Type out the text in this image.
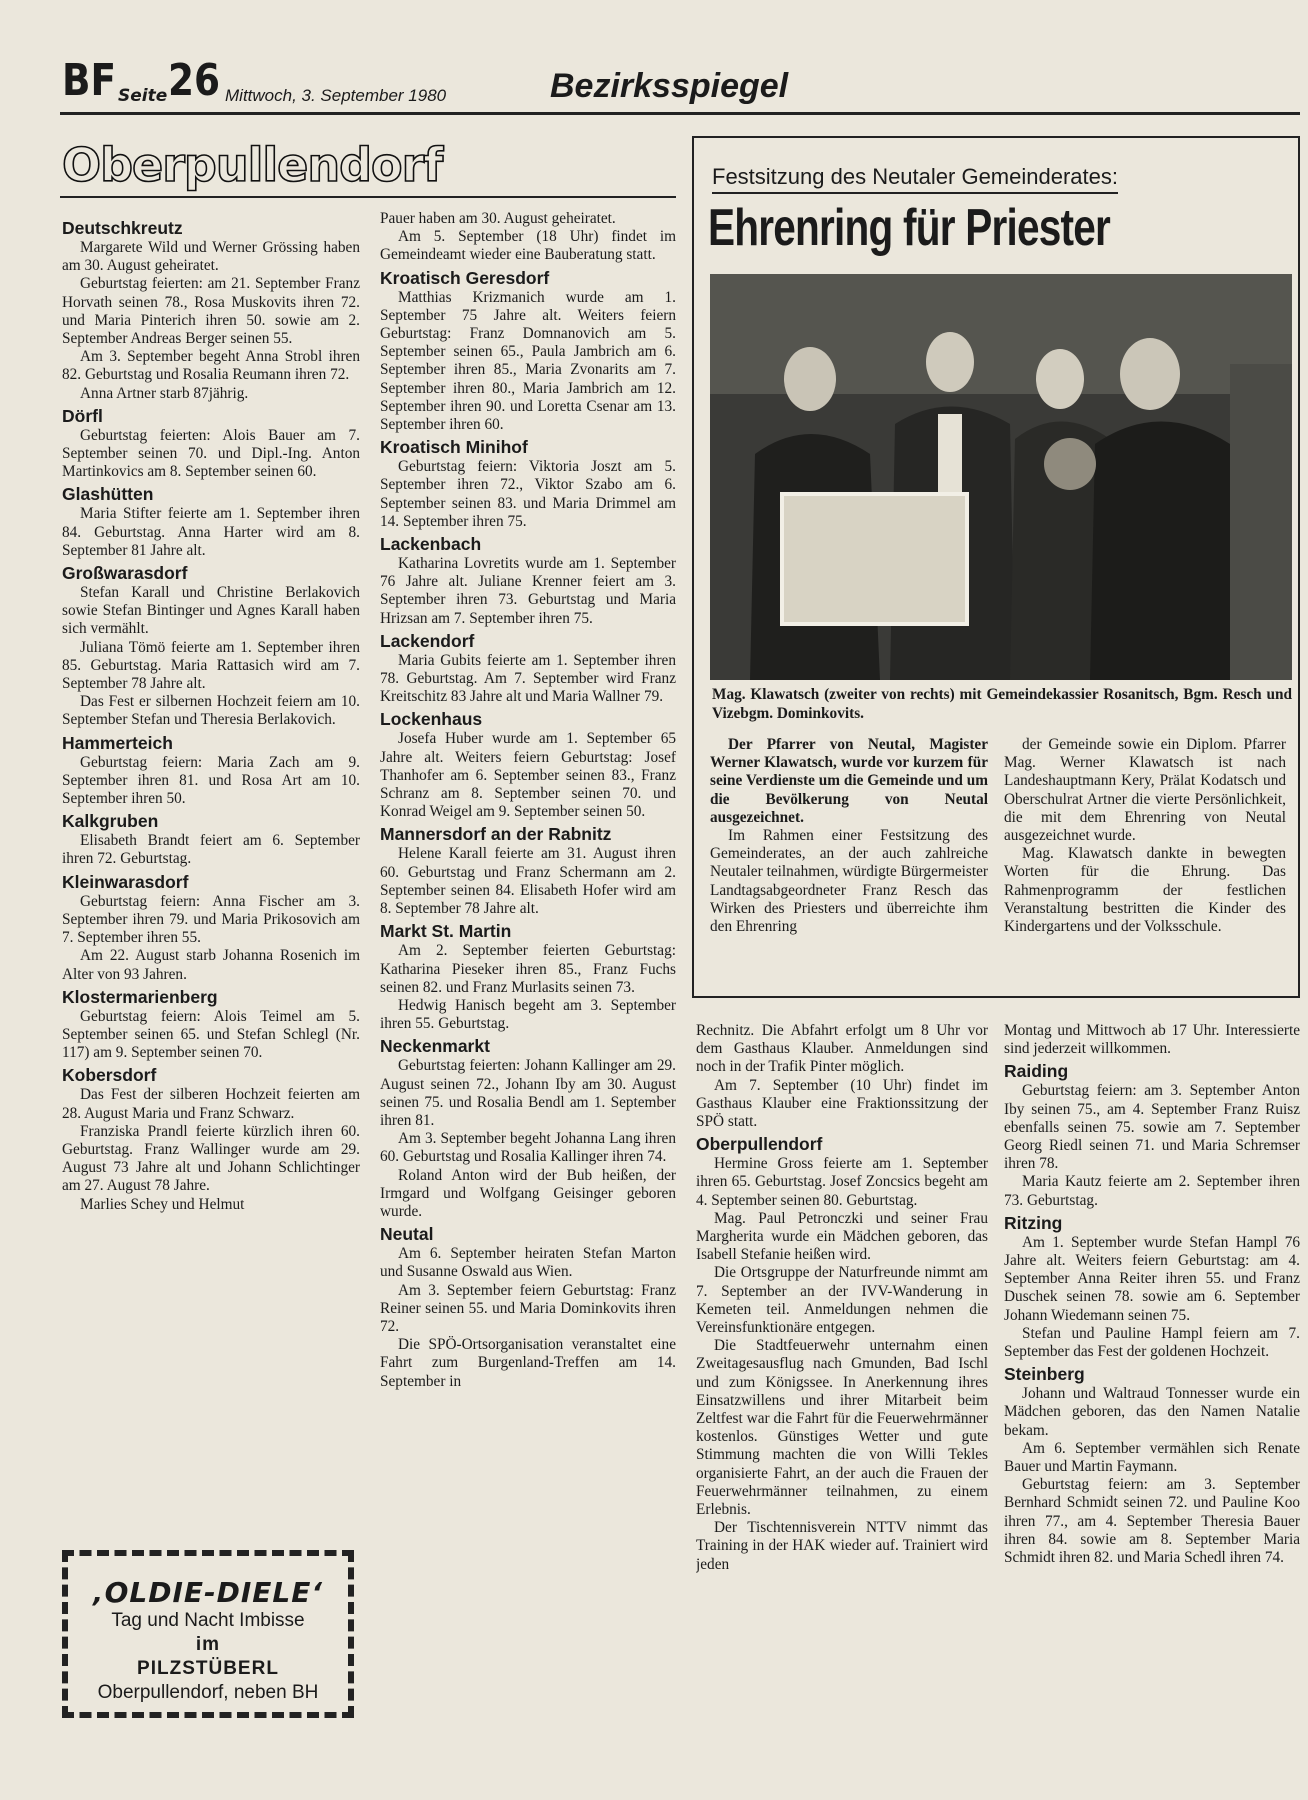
BF Seite 26 Mittwoch, 3. September 1980	Bezirksspiegel
Oberpullendorf
Deutschkreutz

Margarete Wild und Werner Grössing haben am 30. August geheiratet.

Geburtstag feierten: am 21. September Franz Horvath seinen 78., Rosa Muskovits ihren 72. und Maria Pinterich ihren 50. sowie am 2. September Andreas Berger seinen 55.

Am 3. September begeht Anna Strobl ihren 82. Geburtstag und Rosalia Reumann ihren 72.

Anna Artner starb 87jährig.

Dörfl

Geburtstag feierten: Alois Bauer am 7. September seinen 70. und Dipl.-Ing. Anton Martinkovics am 8. September seinen 60.

Glashütten

Maria Stifter feierte am 1. September ihren 84. Geburtstag. Anna Harter wird am 8. September 81 Jahre alt.

Großwarasdorf

Stefan Karall und Christine Berlakovich sowie Stefan Bintinger und Agnes Karall haben sich vermählt.

Juliana Tömö feierte am 1. September ihren 85. Geburtstag. Maria Rattasich wird am 7. September 78 Jahre alt.

Das Fest er silbernen Hochzeit feiern am 10. September Stefan und Theresia Berlakovich.

Hammerteich

Geburtstag feiern: Maria Zach am 9. September ihren 81. und Rosa Art am 10. September ihren 50.

Kalkgruben

Elisabeth Brandt feiert am 6. September ihren 72. Geburtstag.

Kleinwarasdorf

Geburtstag feiern: Anna Fischer am 3. September ihren 79. und Maria Prikosovich am 7. September ihren 55.

Am 22. August starb Johanna Rosenich im Alter von 93 Jahren.

Klostermarienberg

Geburtstag feiern: Alois Teimel am 5. September seinen 65. und Stefan Schlegl (Nr. 117) am 9. September seinen 70.

Kobersdorf

Das Fest der silberen Hochzeit feierten am 28. August Maria und Franz Schwarz.

Franziska Prandl feierte kürzlich ihren 60. Geburtstag. Franz Wallinger wurde am 29. August 73 Jahre alt und Johann Schlichtinger am 27. August 78 Jahre.

Marlies Schey und Helmut

Pauer haben am 30. August geheiratet.

Am 5. September (18 Uhr) findet im Gemeindeamt wieder eine Bauberatung statt.

Kroatisch Geresdorf

Matthias Krizmanich wurde am 1. September 75 Jahre alt. Weiters feiern Geburtstag: Franz Domnanovich am 5. September seinen 65., Paula Jambrich am 6. September ihren 85., Maria Zvonarits am 7. September ihren 80., Maria Jambrich am 12. September ihren 90. und Loretta Csenar am 13. September ihren 60.

Kroatisch Minihof

Geburtstag feiern: Viktoria Joszt am 5. September ihren 72., Viktor Szabo am 6. September seinen 83. und Maria Drimmel am 14. September ihren 75.

Lackenbach

Katharina Lovretits wurde am 1. September 76 Jahre alt. Juliane Krenner feiert am 3. September ihren 73. Geburtstag und Maria Hrizsan am 7. September ihren 75.

Lackendorf

Maria Gubits feierte am 1. September ihren 78. Geburtstag. Am 7. September wird Franz Kreitschitz 83 Jahre alt und Maria Wallner 79.

Lockenhaus

Josefa Huber wurde am 1. September 65 Jahre alt. Weiters feiern Geburtstag: Josef Thanhofer am 6. September seinen 83., Franz Schranz am 8. September seinen 70. und Konrad Weigel am 9. September seinen 50.

Mannersdorf an der Rabnitz

Helene Karall feierte am 31. August ihren 60. Geburtstag und Franz Schermann am 2. September seinen 84. Elisabeth Hofer wird am 8. September 78 Jahre alt.

Markt St. Martin

Am 2. September feierten Geburtstag: Katharina Pieseker ihren 85., Franz Fuchs seinen 82. und Franz Murlasits seinen 73.

Hedwig Hanisch begeht am 3. September ihren 55. Geburtstag.

Neckenmarkt

Geburtstag feierten: Johann Kallinger am 29. August seinen 72., Johann Iby am 30. August seinen 75. und Rosalia Bendl am 1. September ihren 81.

Am 3. September begeht Johanna Lang ihren 60. Geburtstag und Rosalia Kallinger ihren 74.

Roland Anton wird der Bub heißen, der Irmgard und Wolfgang Geisinger geboren wurde.

Neutal

Am 6. September heiraten Stefan Marton und Susanne Oswald aus Wien.

Am 3. September feiern Geburtstag: Franz Reiner seinen 55. und Maria Dominkovits ihren 72.

Die SPÖ-Ortsorganisation veranstaltet eine Fahrt zum Burgenland-Treffen am 14. September in

Festsitzung des Neutaler Gemeinderates:
Ehrenring für Priester
Mag. Klawatsch (zweiter von rechts) mit Gemeindekassier Rosanitsch, Bgm. Resch und Vizebgm. Dominkovits.

Der Pfarrer von Neutal, Magister Werner Klawatsch, wurde vor kurzem für seine Verdienste um die Gemeinde und um die Bevölkerung von Neutal ausgezeichnet.

Im Rahmen einer Festsitzung des Gemeinderates, an der auch zahlreiche Neutaler teilnahmen, würdigte Bürgermeister Landtagsabgeordneter Franz Resch das Wirken des Priesters und überreichte ihm den Ehrenring

der Gemeinde sowie ein Diplom. Pfarrer Mag. Werner Klawatsch ist nach Landeshauptmann Kery, Prälat Kodatsch und Oberschulrat Artner die vierte Persönlichkeit, die mit dem Ehrenring von Neutal ausgezeichnet wurde.

Mag. Klawatsch dankte in bewegten Worten für die Ehrung. Das Rahmenprogramm der festlichen Veranstaltung bestritten die Kinder des Kindergartens und der Volksschule.

Rechnitz. Die Abfahrt erfolgt um 8 Uhr vor dem Gasthaus Klauber. Anmeldungen sind noch in der Trafik Pinter möglich.

Am 7. September (10 Uhr) findet im Gasthaus Klauber eine Fraktionssitzung der SPÖ statt.

Oberpullendorf

Hermine Gross feierte am 1. September ihren 65. Geburtstag. Josef Zoncsics begeht am 4. September seinen 80. Geburtstag.

Mag. Paul Petronczki und seiner Frau Margherita wurde ein Mädchen geboren, das Isabell Stefanie heißen wird.

Die Ortsgruppe der Naturfreunde nimmt am 7. September an der IVV-Wanderung in Kemeten teil. Anmeldungen nehmen die Vereinsfunktionäre entgegen.

Die Stadtfeuerwehr unternahm einen Zweitagesausflug nach Gmunden, Bad Ischl und zum Königssee. In Anerkennung ihres Einsatzwillens und ihrer Mitarbeit beim Zeltfest war die Fahrt für die Feuerwehrmänner kostenlos. Günstiges Wetter und gute Stimmung machten die von Willi Tekles organisierte Fahrt, an der auch die Frauen der Feuerwehrmänner teilnahmen, zu einem Erlebnis.

Der Tischtennisverein NTTV nimmt das Training in der HAK wieder auf. Trainiert wird jeden

Montag und Mittwoch ab 17 Uhr. Interessierte sind jederzeit willkommen.

Raiding

Geburtstag feiern: am 3. September Anton Iby seinen 75., am 4. September Franz Ruisz ebenfalls seinen 75. sowie am 7. September Georg Riedl seinen 71. und Maria Schremser ihren 78.

Maria Kautz feierte am 2. September ihren 73. Geburtstag.

Ritzing

Am 1. September wurde Stefan Hampl 76 Jahre alt. Weiters feiern Geburtstag: am 4. September Anna Reiter ihren 55. und Franz Duschek seinen 78. sowie am 6. September Johann Wiedemann seinen 75.

Stefan und Pauline Hampl feiern am 7. September das Fest der goldenen Hochzeit.

Steinberg

Johann und Waltraud Tonnesser wurde ein Mädchen geboren, das den Namen Natalie bekam.

Am 6. September vermählen sich Renate Bauer und Martin Faymann.

Geburtstag feiern: am 3. September Bernhard Schmidt seinen 72. und Pauline Koo ihren 77., am 4. September Theresia Bauer ihren 84. sowie am 8. September Maria Schmidt ihren 82. und Maria Schedl ihren 74.

‚OLDIE-DIELE‘
Tag und Nacht Imbisse
im
PILZSTÜBERL
Oberpullendorf, neben BH
